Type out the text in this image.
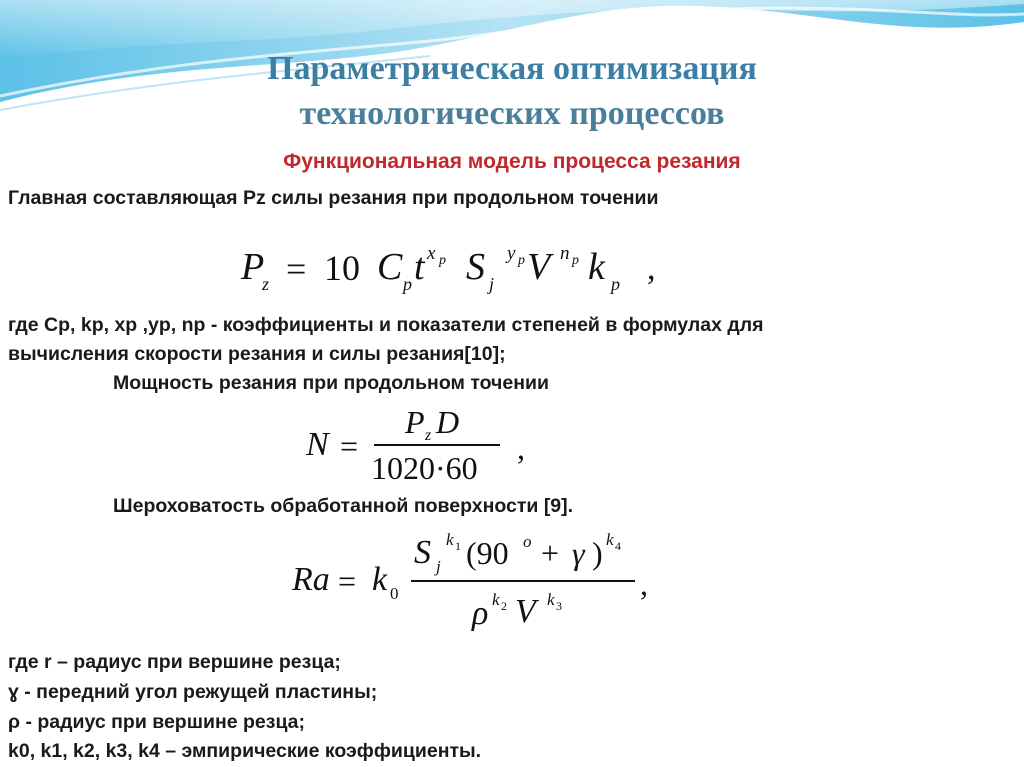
Параметрическая оптимизация
технологических процессов
Функциональная модель процесса резания
Главная составляющая Pz силы резания при продольном точении
P
z = 10 C p t x p S j
y p V n p k p ,
где Cp, kp, xp ,yp, np - коэффициенты и показатели степеней в формулах для
вычисления скорости резания и силы резания[10];
Мощность резания при продольном точении
N =
P z D
1020·60
,
Шероховатость обработанной поверхности [9].
Ra = k 0
S j
k 1 (90 o + γ ) k 4
ρ k 2 V k 3
,
где r – радиус при вершине резца;
ɣ - передний угол режущей пластины;
ρ - радиус при вершине резца;
k0, k1, k2, k3, k4 – эмпирические коэффициенты.
